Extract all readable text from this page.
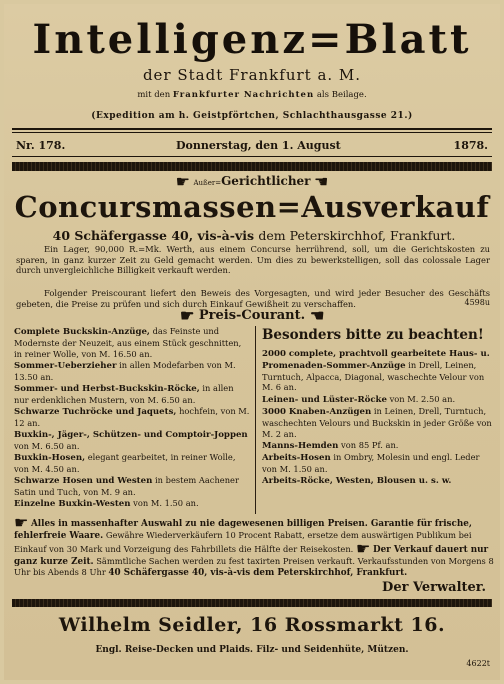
Intelligenz=Blatt
der Stadt Frankfurt a. M.
mit den Frankfurter Nachrichten als Beilage.
(Expedition am h. Geistpförtchen, Schlachthausgasse 21.)
Nr. 178.	Donnerstag, den 1. August	1878.
☛ Außer=Gerichtlicher ☛
Concursmassen=Ausverkauf
40 Schäfergasse 40, vis-à-vis dem Peterskirchhof, Frankfurt.
Ein Lager, 90,000 R.=Mk. Werth, aus einem Concurse herrührend, soll, um die Gerichtskosten zu sparen, in ganz kurzer Zeit zu Geld gemacht werden. Um dies zu bewerkstelligen, soll das colossale Lager durch unvergleichliche Billigkeit verkauft werden.
Folgender Preiscourant liefert den Beweis des Vorgesagten, und wird jeder Besucher des Geschäfts gebeten, die Preise zu prüfen und sich durch Einkauf Gewißheit zu verschaffen.	4598u
☛ Preis-Courant. ☛
Complete Buckskin-Anzüge, das Feinste und Modernste der Neuzeit, aus einem Stück geschnitten, in reiner Wolle, von M. 16.50 an.
Sommer-Ueberzieher in allen Modefarben von M. 13.50 an.
Sommer- und Herbst-Buckskin-Röcke, in allen nur erdenklichen Mustern, von M. 6.50 an.
Schwarze Tuchröcke und Jaquets, hochfein, von M. 12 an.
Buxkin-, Jäger-, Schützen- und Comptoir-Joppen von M. 6.50 an.
Buxkin-Hosen, elegant gearbeitet, in reiner Wolle, von M. 4.50 an.
Schwarze Hosen und Westen in bestem Aachener Satin und Tuch, von M. 9 an.
Einzelne Buxkin-Westen von M. 1.50 an.
Besonders bitte zu beachten!
2000 complete, prachtvoll gearbeitete Haus- u. Promenaden-Sommer-Anzüge in Drell, Leinen, Turntuch, Alpacca, Diagonal, waschechte Velour von M. 6 an.
Leinen- und Lüster-Röcke von M. 2.50 an.
3000 Knaben-Anzügen in Leinen, Drell, Turntuch, waschechten Velours und Buckskin in jeder Größe von M. 2 an.
Manns-Hemden von 85 Pf. an.
Arbeits-Hosen in Ombry, Molesin und engl. Leder von M. 1.50 an.
Arbeits-Röcke, Westen, Blousen u. s. w.
☛ Alles in massenhafter Auswahl zu nie dagewesenen billigen Preisen. Garantie für frische, fehlerfreie Waare. Gewähre Wiederverkäufern 10 Procent Rabatt, ersetze dem auswärtigen Publikum bei Einkauf von 30 Mark und Vorzeigung des Fahrbillets die Hälfte der Reisekosten. ☛ Der Verkauf dauert nur ganz kurze Zeit. Sämmtliche Sachen werden zu fest taxirten Preisen verkauft. Verkaufsstunden von Morgens 8 Uhr bis Abends 8 Uhr 40 Schäfergasse 40, vis-à-vis dem Peterskirchhof, Frankfurt.
Der Verwalter.
Wilhelm Seidler, 16 Rossmarkt 16.
Engl. Reise-Decken und Plaids. Filz- und Seidenhüte, Mützen.
4622t
